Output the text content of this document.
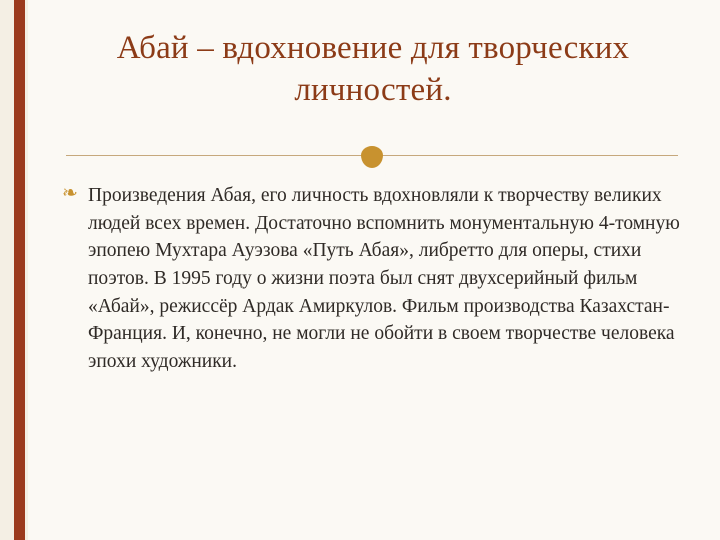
Абай – вдохновение для творческих личностей.
❧ Произведения Абая, его личность вдохновляли к творчеству великих людей всех времен. Достаточно вспомнить монументальную 4-томную эпопею Мухтара Ауэзова «Путь Абая», либретто для оперы, стихи поэтов. В 1995 году о жизни поэта был снят двухсерийный фильм «Абай», режиссёр Ардак Амиркулов. Фильм производства Казахстан-Франция. И, конечно, не могли не обойти в своем творчестве человека эпохи художники.
